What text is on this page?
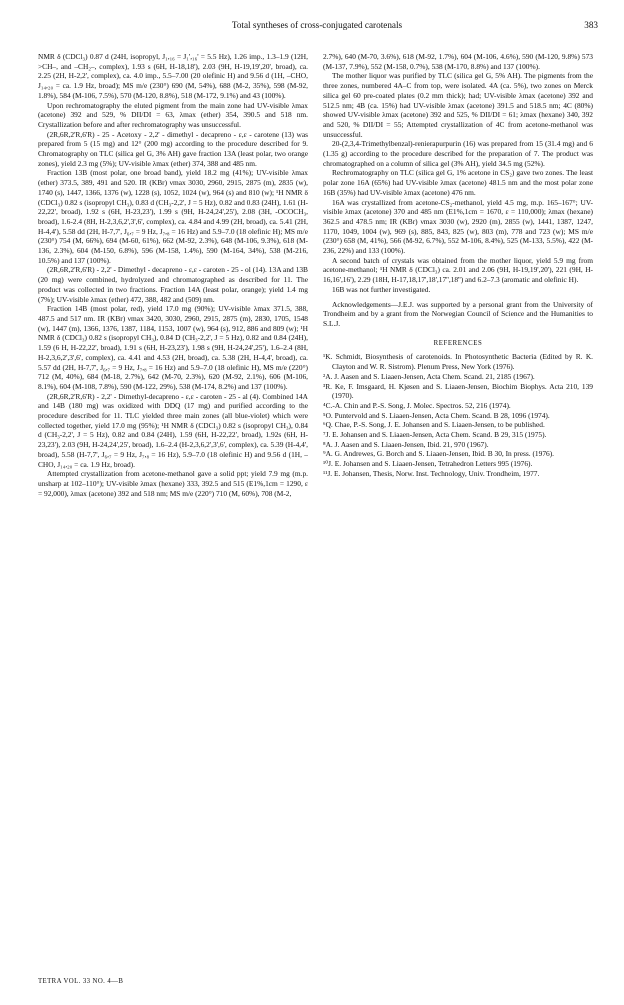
Total syntheses of cross-conjugated carotenals	383

NMR δ (CDCl₃) 0.87 d (24H, isopropyl, J₁,₁₆ = J₁',₁₆' = 5.5 Hz), 1.26 imp., 1.3–1.9 (12H, >CH–, and –CH₂–, complex), 1.93 s (6H, H-18,18'), 2.03 (9H, H-19,19',20', broad), ca. 2.25 (2H, H-2,2', complex), ca. 4.0 imp., 5.5–7.00 (20 olefinic H) and 9.56 d (1H, –CHO, J₁₄,₂₀ = ca. 1.9 Hz, broad); MS m/e (230°) 690 (M, 54%), 688 (M-2, 35%), 598 (M-92, 1.8%), 584 (M-106, 7.5%), 570 (M-120, 8.8%), 518 (M-172, 9.1%) and 43 (100%).

Upon rechromatography the eluted pigment from the main zone had UV-visible λmax (acetone) 392 and 529, % DII/DI = 63, λmax (ether) 354, 390.5 and 518 nm. Crystallization before and after rechromatography was unsuccessful.

(2R,6R,2'R,6'R) - 25 - Acetoxy - 2,2' - dimethyl - decapreno - ε,ε - carotene (13) was prepared from 5 (15 mg) and 12° (200 mg) according to the procedure described for 9. Chromatography on TLC (silica gel G, 3% AH) gave fraction 13A (least polar, two orange zones), yield 2.3 mg (5%); UV-visible λmax (ether) 374, 388 and 485 nm.

Fraction 13B (most polar, one broad band), yield 18.2 mg (41%); UV-visible λmax (ether) 373.5, 389, 491 and 520. IR (KBr) νmax 3030, 2960, 2915, 2875 (m), 2835 (w), 1740 (s), 1447, 1366, 1376 (w), 1228 (s), 1052, 1024 (w), 964 (s) and 810 (w); ¹H NMR δ (CDCl₃) 0.82 s (isopropyl CH₃), 0.83 d (CH₃-2,2', J = 5 Hz), 0.82 and 0.83 (24H), 1.61 (H-22,22', broad), 1.92 s (6H, H-23,23'), 1.99 s (9H, H-24,24',25'), 2.08 (3H, -OCOCH₃, broad), 1.6-2.4 (8H, H-2,3,6,2',3',6', complex), ca. 4.84 and 4.99 (2H, broad), ca. 5.41 (2H, H-4,4'), 5.58 dd (2H, H-7,7', J₆,₇ = 9 Hz, J₇,₈ = 16 Hz) and 5.9–7.0 (18 olefinic H); MS m/e (230°) 754 (M, 66%), 694 (M-60, 61%), 662 (M-92, 2.3%), 648 (M-106, 9.3%), 618 (M-136, 2.3%), 604 (M-150, 6.8%), 596 (M-158, 1.4%), 590 (M-164, 34%), 538 (M-216, 10.5%) and 137 (100%).

(2R,6R,2'R,6'R) - 2,2' - Dimethyl - decapreno - ε,ε - caroten - 25 - ol (14). 13A and 13B (20 mg) were combined, hydrolyzed and chromatographed as described for 11. The product was collected in two fractions. Fraction 14A (least polar, orange); yield 1.4 mg (7%); UV-visible λmax (ether) 472, 388, 482 and (509) nm.

Fraction 14B (most polar, red), yield 17.0 mg (90%); UV-visible λmax 371.5, 388, 487.5 and 517 nm. IR (KBr) νmax 3420, 3030, 2960, 2915, 2875 (m), 2830, 1705, 1548 (w), 1447 (m), 1366, 1376, 1387, 1184, 1153, 1007 (w), 964 (s), 912, 886 and 809 (w); ¹H NMR δ (CDCl₃) 0.82 s (isopropyl CH₃), 0.84 D (CH₃-2,2', J = 5 Hz), 0.82 and 0.84 (24H), 1.59 (6 H, H-22,22', broad), 1.91 s (6H, H-23,23'), 1.98 s (9H, H-24,24',25'), 1.6–2.4 (8H, H-2,3,6,2',3',6', complex), ca. 4.41 and 4.53 (2H, broad), ca. 5.38 (2H, H-4,4', broad), ca. 5.57 dd (2H, H-7,7', J₆,₇ = 9 Hz, J₇,₈ = 16 Hz) and 5.9–7.0 (18 olefinic H), MS m/e (220°) 712 (M, 40%), 684 (M-18, 2.7%), 642 (M-70, 2.3%), 620 (M-92, 2.1%), 606 (M-106, 8.1%), 604 (M-108, 7.8%), 590 (M-122, 29%), 538 (M-174, 8.2%) and 137 (100%).

(2R,6R,2'R,6'R) - 2,2' - Dimethyl-decapreno - ε,ε - caroten - 25 - al (4). Combined 14A and 14B (180 mg) was oxidized with DDQ (17 mg) and purified according to the procedure described for 11. TLC yielded three main zones (all blue-violet) which were collected together, yield 17.0 mg (95%); ¹H NMR δ (CDCl₃) 0.82 s (isopropyl CH₃), 0.84 d (CH₃-2,2', J = 5 Hz), 0.82 and 0.84 (24H), 1.59 (6H, H-22,22', broad), 1.92s (6H, H-23,23'), 2.03 (9H, H-24,24',25', broad), 1.6–2.4 (H-2,3,6,2',3',6', complex), ca. 5.39 (H-4,4', broad), 5.58 (H-7,7', J₆,₇ = 9 Hz, J₇,₈ = 16 Hz), 5.9–7.0 (18 olefinic H) and 9.56 d (1H, –CHO, J₁₄,₂₀ = ca. 1.9 Hz, broad).

Attempted crystallization from acetone-methanol gave a solid ppt; yield 7.9 mg (m.p. unsharp at 102–110°); UV-visible λmax (hexane) 333, 392.5 and 515 (E1%,1cm = 1290, ε = 92,000), λmax (acetone) 392 and 518 nm; MS m/e (220°) 710 (M, 60%), 708 (M-2,

2.7%), 640 (M-70, 3.6%), 618 (M-92, 1.7%), 604 (M-106, 4.6%), 590 (M-120, 9.8%) 573 (M-137, 7.9%), 552 (M-158, 0.7%), 538 (M-170, 8.8%) and 137 (100%).

The mother liquor was purified by TLC (silica gel G, 5% AH). The pigments from the three zones, numbered 4A–C from top, were isolated. 4A (ca. 5%), two zones on Merck silica gel 60 pre-coated plates (0.2 mm thick); had; UV-visible λmax (acetone) 392 and 512.5 nm; 4B (ca. 15%) had UV-visible λmax (acetone) 391.5 and 518.5 nm; 4C (80%) showed UV-visible λmax (acetone) 392 and 525, % DII/DI = 61; λmax (hexane) 340, 392 and 520, % DII/DI = 55; Attempted crystallization of 4C from acetone-methanol was unsuccessful.

20-(2,3,4-Trimethylbenzal)-renierapurpurin (16) was prepared from 15 (31.4 mg) and 6 (1.35 g) according to the procedure described for the preparation of 7. The product was chromatographed on a column of silica gel (3% AH), yield 34.5 mg (52%).

Rechromatography on TLC (silica gel G, 1% acetone in CS₂) gave two zones. The least polar zone 16A (65%) had UV-visible λmax (acetone) 481.5 nm and the most polar zone 16B (35%) had UV-visible λmax (acetone) 476 nm.

16A was crystallized from acetone-CS₂-methanol, yield 4.5 mg, m.p. 165–167°; UV-visible λmax (acetone) 370 and 485 nm (E1%,1cm = 1670, ε = 110,000); λmax (hexane) 362.5 and 478.5 nm; IR (KBr) νmax 3030 (w), 2920 (m), 2855 (w), 1441, 1387, 1247, 1170, 1049, 1004 (w), 969 (s), 885, 843, 825 (w), 803 (m), 778 and 723 (w); MS m/e (230°) 658 (M, 41%), 566 (M-92, 6.7%), 552 M-106, 8.4%), 525 (M-133, 5.5%), 422 (M-236, 22%) and 133 (100%).

A second batch of crystals was obtained from the mother liquor, yield 5.9 mg from acetone-methanol; ¹H NMR δ (CDCl₃) ca. 2.01 and 2.06 (9H, H-19,19',20'), 221 (9H, H-16,16',16'), 2.29 (18H, H-17,18,17',18',17'',18'') and 6.2–7.3 (aromatic and olefinic H).

16B was not further investigated.

Acknowledgements—J.E.J. was supported by a personal grant from the University of Trondheim and by a grant from the Norwegian Council of Science and the Humanities to S.L.J.

REFERENCES

¹K. Schmidt, Biosynthesis of carotenoids. In Photosynthetic Bacteria (Edited by R. K. Clayton and W. R. Sistrom). Plenum Press, New York (1976).

²A. J. Aasen and S. Liaaen-Jensen, Acta Chem. Scand. 21, 2185 (1967).

³R. Ke, F. Imsgaard, H. Kjøsen and S. Liaaen-Jensen, Biochim Biophys. Acta 210, 139 (1970).

⁴C.-A. Chin and P.-S. Song, J. Molec. Spectros. 52, 216 (1974).

⁵O. Puntervold and S. Liaaen-Jensen, Acta Chem. Scand. B 28, 1096 (1974).

⁶Q. Chae, P.-S. Song, J. E. Johansen and S. Liaaen-Jensen, to be published.

⁷J. E. Johansen and S. Liaaen-Jensen, Acta Chem. Scand. B 29, 315 (1975).

⁸A. J. Aasen and S. Liaaen-Jensen, Ibid. 21, 970 (1967).

⁹A. G. Andrewes, G. Borch and S. Liaaen-Jensen, Ibid. B 30, In press. (1976).

¹⁰J. E. Johansen and S. Liaaen-Jensen, Tetrahedron Letters 995 (1976).

¹¹J. E. Johansen, Thesis, Norw. Inst. Technology, Univ. Trondheim, 1977.

TETRA VOL. 33 NO. 4—B
